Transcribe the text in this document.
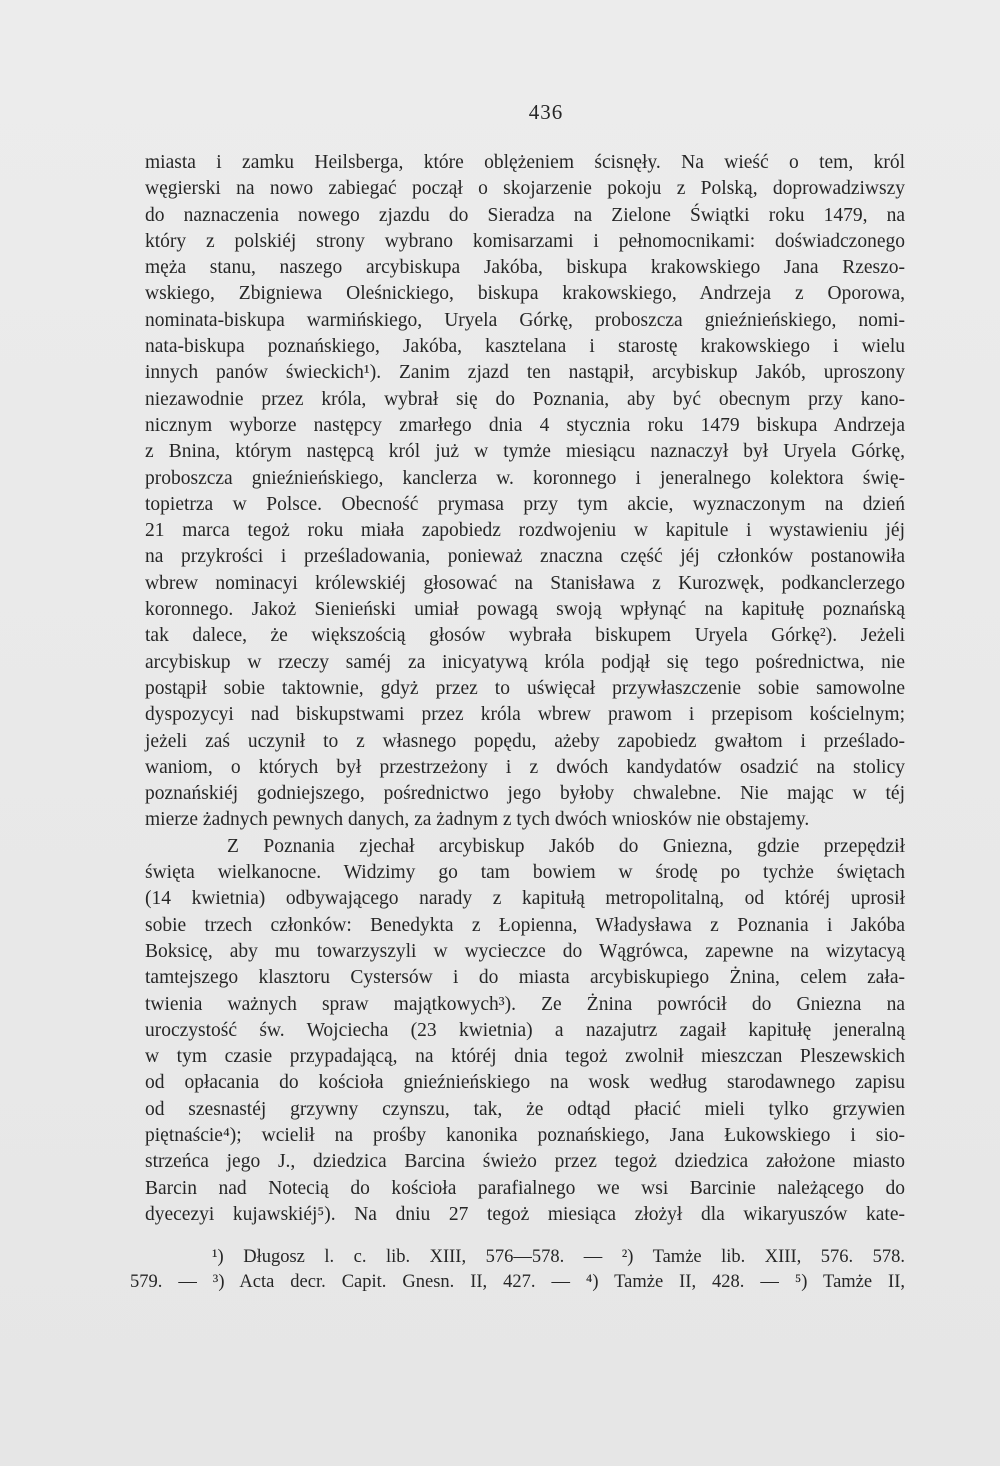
436
miasta i zamku Heilsberga, które oblężeniem ścisnęły. Na wieść o tem, król
węgierski na nowo zabiegać począł o skojarzenie pokoju z Polską, doprowadziwszy
do naznaczenia nowego zjazdu do Sieradza na Zielone Świątki roku 1479, na
który z polskiéj strony wybrano komisarzami i pełnomocnikami: doświadczonego
męża stanu, naszego arcybiskupa Jakóba, biskupa krakowskiego Jana Rzeszo-
wskiego, Zbigniewa Oleśnickiego, biskupa krakowskiego, Andrzeja z Oporowa,
nominata-biskupa warmińskiego, Uryela Górkę, proboszcza gnieźnieńskiego, nomi-
nata-biskupa poznańskiego, Jakóba, kasztelana i starostę krakowskiego i wielu
innych panów świeckich¹). Zanim zjazd ten nastąpił, arcybiskup Jakób, uproszony
niezawodnie przez króla, wybrał się do Poznania, aby być obecnym przy kano-
nicznym wyborze następcy zmarłego dnia 4 stycznia roku 1479 biskupa Andrzeja
z Bnina, którym następcą król już w tymże miesiącu naznaczył był Uryela Górkę,
proboszcza gnieźnieńskiego, kanclerza w. koronnego i jeneralnego kolektora świę-
topietrza w Polsce. Obecność prymasa przy tym akcie, wyznaczonym na dzień
21 marca tegoż roku miała zapobiedz rozdwojeniu w kapitule i wystawieniu jéj
na przykrości i prześladowania, ponieważ znaczna część jéj członków postanowiła
wbrew nominacyi królewskiéj głosować na Stanisława z Kurozwęk, podkanclerzego
koronnego. Jakoż Sienieński umiał powagą swoją wpłynąć na kapitułę poznańską
tak dalece, że większością głosów wybrała biskupem Uryela Górkę²). Jeżeli
arcybiskup w rzeczy saméj za inicyatywą króla podjął się tego pośrednictwa, nie
postąpił sobie taktownie, gdyż przez to uświęcał przywłaszczenie sobie samowolne
dyspozycyi nad biskupstwami przez króla wbrew prawom i przepisom kościelnym;
jeżeli zaś uczynił to z własnego popędu, ażeby zapobiedz gwałtom i prześlado-
waniom, o których był przestrzeżony i z dwóch kandydatów osadzić na stolicy
poznańskiéj godniejszego, pośrednictwo jego byłoby chwalebne. Nie mając w téj
mierze żadnych pewnych danych, za żadnym z tych dwóch wniosków nie obstajemy.
Z Poznania zjechał arcybiskup Jakób do Gniezna, gdzie przepędził
święta wielkanocne. Widzimy go tam bowiem w środę po tychże świętach
(14 kwietnia) odbywającego narady z kapitułą metropolitalną, od któréj uprosił
sobie trzech członków: Benedykta z Łopienna, Władysława z Poznania i Jakóba
Boksicę, aby mu towarzyszyli w wycieczce do Wągrówca, zapewne na wizytacyą
tamtejszego klasztoru Cystersów i do miasta arcybiskupiego Żnina, celem zała-
twienia ważnych spraw majątkowych³). Ze Żnina powrócił do Gniezna na
uroczystość św. Wojciecha (23 kwietnia) a nazajutrz zagaił kapitułę jeneralną
w tym czasie przypadającą, na któréj dnia tegoż zwolnił mieszczan Pleszewskich
od opłacania do kościoła gnieźnieńskiego na wosk według starodawnego zapisu
od szesnastéj grzywny czynszu, tak, że odtąd płacić mieli tylko grzywien
piętnaście⁴); wcielił na prośby kanonika poznańskiego, Jana Łukowskiego i sio-
strzeńca jego J., dziedzica Barcina świeżo przez tegoż dziedzica założone miasto
Barcin nad Notecią do kościoła parafialnego we wsi Barcinie należącego do
dyecezyi kujawskiéj⁵). Na dniu 27 tegoż miesiąca złożył dla wikaryuszów kate-
¹) Długosz l. c. lib. XIII, 576—578. — ²) Tamże lib. XIII, 576. 578.
579. — ³) Acta decr. Capit. Gnesn. II, 427. — ⁴) Tamże II, 428. — ⁵) Tamże II,
